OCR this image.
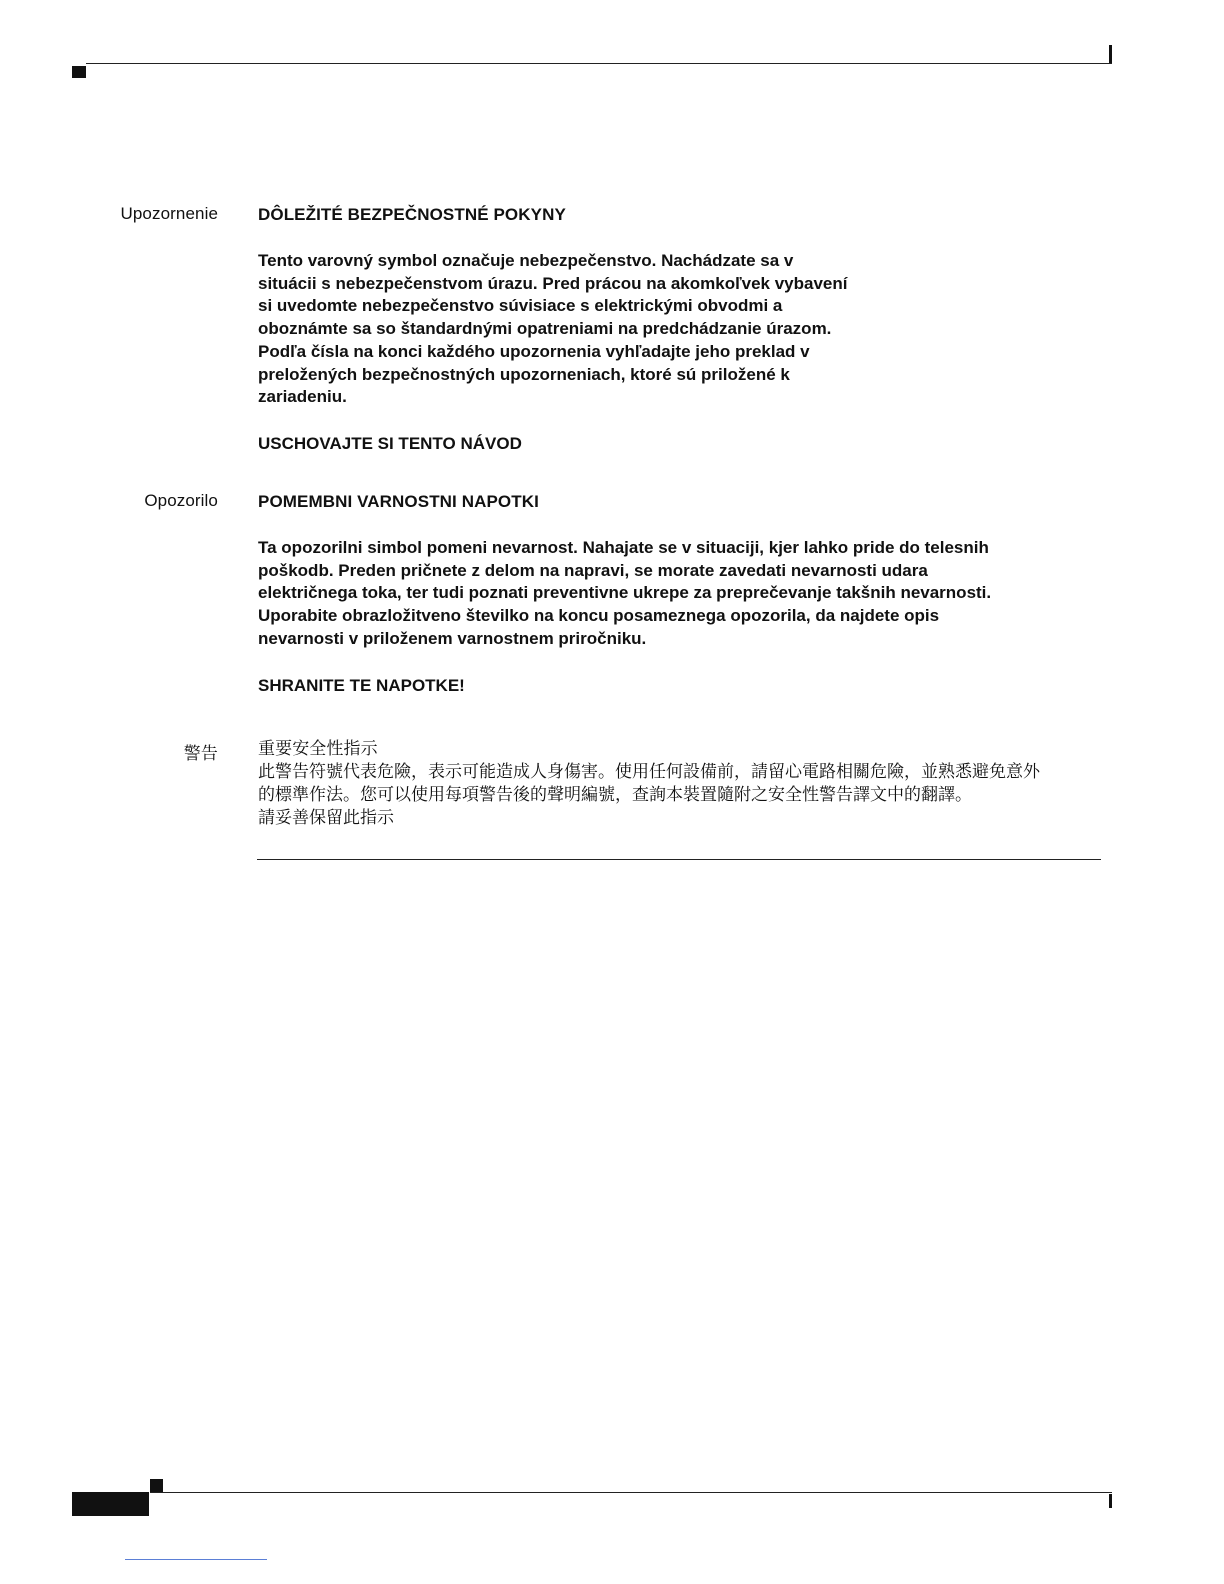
Upozornenie DÔLEŽITÉ BEZPEČNOSTNÉ POKYNY

Tento varovný symbol označuje nebezpečenstvo. Nachádzate sa v
situácii s nebezpečenstvom úrazu. Pred prácou na akomkoľvek vybavení
si uvedomte nebezpečenstvo súvisiace s elektrickými obvodmi a
oboznámte sa so štandardnými opatreniami na predchádzanie úrazom.
Podľa čísla na konci každého upozornenia vyhľadajte jeho preklad v
preložených bezpečnostných upozorneniach, ktoré sú priložené k
zariadeniu.

USCHOVAJTE SI TENTO NÁVOD

Opozorilo POMEMBNI VARNOSTNI NAPOTKI

Ta opozorilni simbol pomeni nevarnost. Nahajate se v situaciji, kjer lahko pride do telesnih
poškodb. Preden pričnete z delom na napravi, se morate zavedati nevarnosti udara
električnega toka, ter tudi poznati preventivne ukrepe za preprečevanje takšnih nevarnosti.
Uporabite obrazložitveno številko na koncu posameznega opozorila, da najdete opis
nevarnosti v priloženem varnostnem priročniku.

SHRANITE TE NAPOTKE!

警告 重要安全性指示

此警告符號代表危險，表示可能造成人身傷害。使用任何設備前，請留心電路相關危險，並熟悉避免意外
的標準作法。您可以使用每項警告後的聲明編號，查詢本裝置隨附之安全性警告譯文中的翻譯。

請妥善保留此指示
